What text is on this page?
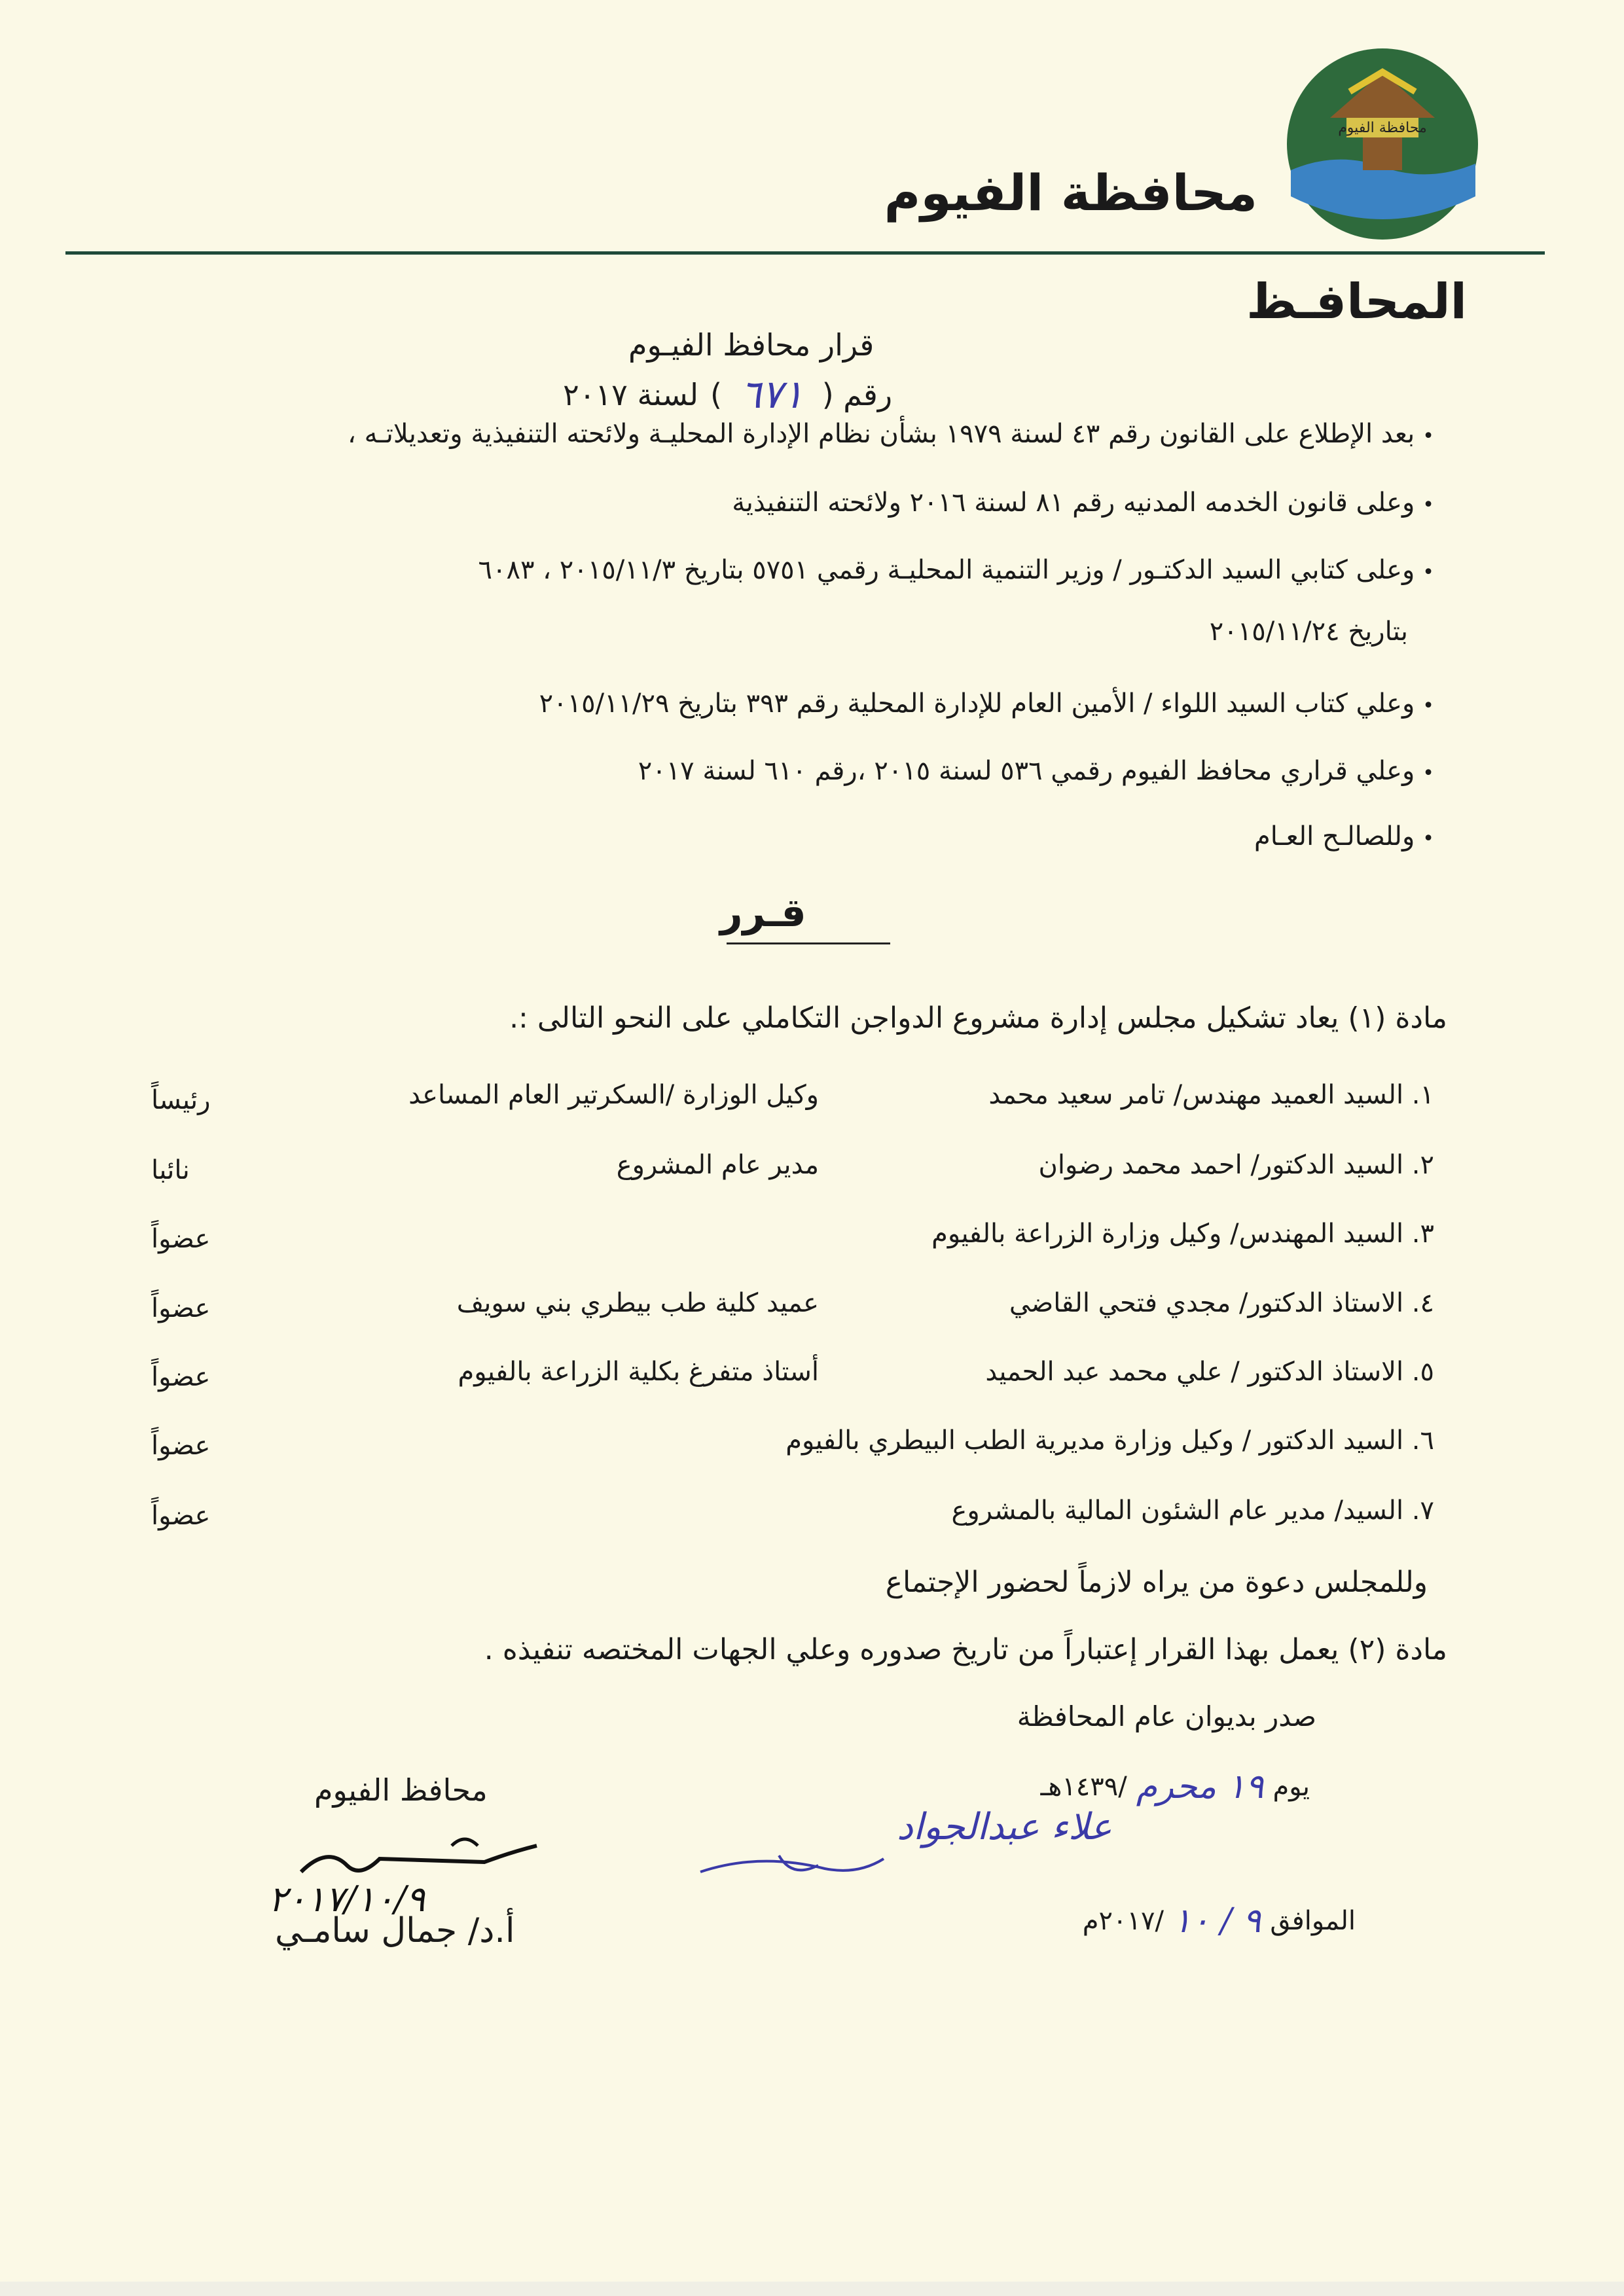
محافظة الفيوم
محافظة الفيوم
المحافـظ
قرار محافظ الفيـوم
رقم (
٦٧١
)
لسنة ٢٠١٧
• بعد الإطلاع على القانون رقم ٤٣ لسنة ١٩٧٩ بشأن نظام الإدارة المحليـة ولائحته التنفيذية وتعديلاتـه ،
• وعلى قانون الخدمه المدنيه رقم ٨١ لسنة ٢٠١٦ ولائحته التنفيذية
• وعلى كتابي السيد الدكتـور / وزير التنمية المحليـة رقمي ٥٧٥١ بتاريخ ٢٠١٥/١١/٣ ، ٦٠٨٣
بتاريخ ٢٠١٥/١١/٢٤
• وعلي كتاب السيد اللواء / الأمين العام للإدارة المحلية رقم ٣٩٣ بتاريخ ٢٠١٥/١١/٢٩
• وعلي قراري محافظ الفيوم رقمي ٥٣٦ لسنة ٢٠١٥ ،رقم ٦١٠ لسنة ٢٠١٧
• وللصالـح العـام
قـرر
مادة (١) يعاد تشكيل مجلس إدارة مشروع الدواجن التكاملي على النحو التالى :.
١. السيد العميد مهندس/ تامر سعيد محمد
وكيل الوزارة /السكرتير العام المساعد
رئيساً
٢. السيد الدكتور/ احمد محمد رضوان
مدير عام المشروع
نائبا
٣. السيد المهندس/ وكيل وزارة الزراعة بالفيوم
عضواً
٤. الاستاذ الدكتور/ مجدي فتحي القاضي
عميد كلية طب بيطري بني سويف
عضواً
٥. الاستاذ الدكتور / علي محمد عبد الحميد
أستاذ متفرغ بكلية الزراعة بالفيوم
عضواً
٦. السيد الدكتور / وكيل وزارة مديرية الطب البيطري بالفيوم
عضواً
٧. السيد/ مدير عام الشئون المالية بالمشروع
عضواً
وللمجلس دعوة من يراه لازماً لحضور الإجتماع
مادة (٢) يعمل بهذا القرار إعتباراً من تاريخ صدوره وعلي الجهات المختصه تنفيذه .
صدر بديوان عام المحافظة
يوم
١٩ محرم
/١٤٣٩هـ
الموافق
٩ / ١٠
/٢٠١٧م
علاء عبدالجواد
محافظ الفيوم
٢٠١٧/١٠/٩
أ.د/ جمال سامـي
